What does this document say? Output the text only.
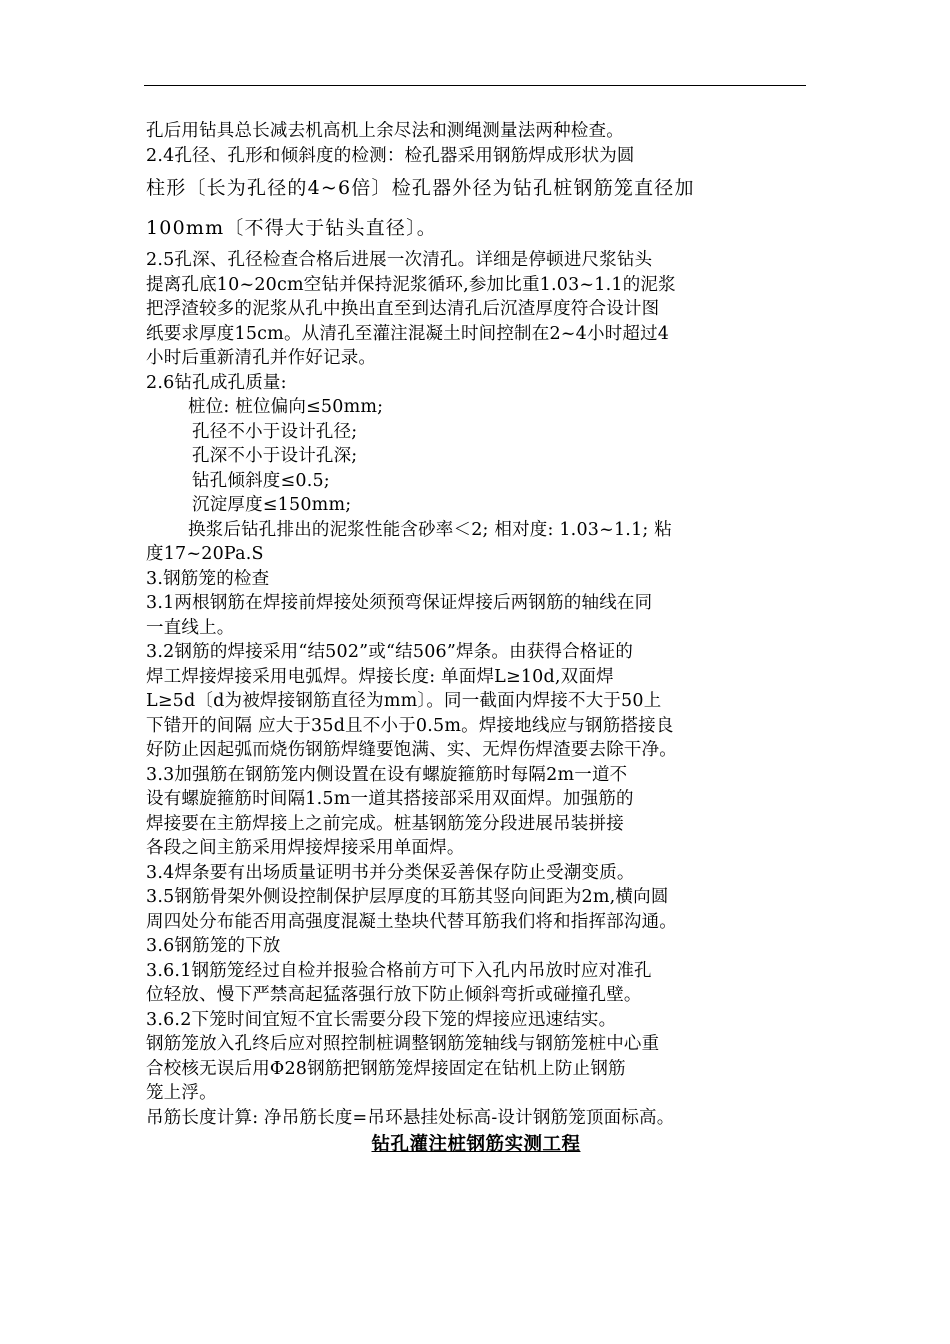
孔后用钻具总长减去机高机上余尽法和测绳测量法两种检查。
2.4孔径、孔形和倾斜度的检测：检孔器采用钢筋焊成形状为圆
柱形〔长为孔径的4~6倍〕检孔器外径为钻孔桩钢筋笼直径加
100mm〔不得大于钻头直径〕。
2.5孔深、孔径检查合格后进展一次清孔。详细是停顿进尺浆钻头
提离孔底10~20cm空钻并保持泥浆循环,参加比重1.03~1.1的泥浆
把浮渣较多的泥浆从孔中换出直至到达清孔后沉渣厚度符合设计图
纸要求厚度15cm。从清孔至灌注混凝土时间控制在2~4小时超过4
小时后重新清孔并作好记录。
2.6钻孔成孔质量:
桩位: 桩位偏向≤50mm;
孔径不小于设计孔径;
孔深不小于设计孔深;
钻孔倾斜度≤0.5;
沉淀厚度≤150mm;
换浆后钻孔排出的泥浆性能含砂率＜2; 相对度: 1.03~1.1; 粘
度17~20Pa.S
3.钢筋笼的检查
3.1两根钢筋在焊接前焊接处须预弯保证焊接后两钢筋的轴线在同
一直线上。
3.2钢筋的焊接采用“结502”或“结506”焊条。由获得合格证的
焊工焊接焊接采用电弧焊。焊接长度: 单面焊L≥10d,双面焊
L≥5d〔d为被焊接钢筋直径为mm〕。同一截面内焊接不大于50上
下错开的间隔 应大于35d且不小于0.5m。焊接地线应与钢筋搭接良
好防止因起弧而烧伤钢筋焊缝要饱满、实、无焊伤焊渣要去除干净。
3.3加强筋在钢筋笼内侧设置在设有螺旋箍筋时每隔2m一道不
设有螺旋箍筋时间隔1.5m一道其搭接部采用双面焊。加强筋的
焊接要在主筋焊接上之前完成。桩基钢筋笼分段进展吊装拼接
各段之间主筋采用焊接焊接采用单面焊。
3.4焊条要有出场质量证明书并分类保妥善保存防止受潮变质。
3.5钢筋骨架外侧设控制保护层厚度的耳筋其竖向间距为2m,横向圆
周四处分布能否用高强度混凝土垫块代替耳筋我们将和指挥部沟通。
3.6钢筋笼的下放
3.6.1钢筋笼经过自检并报验合格前方可下入孔内吊放时应对准孔
位轻放、慢下严禁高起猛落强行放下防止倾斜弯折或碰撞孔壁。
3.6.2下笼时间宜短不宜长需要分段下笼的焊接应迅速结实。
钢筋笼放入孔终后应对照控制桩调整钢筋笼轴线与钢筋笼桩中心重
合校核无误后用Φ28钢筋把钢筋笼焊接固定在钻机上防止钢筋
笼上浮。
吊筋长度计算: 净吊筋长度=吊环悬挂处标高-设计钢筋笼顶面标高。
钻孔灌注桩钢筋实测工程
